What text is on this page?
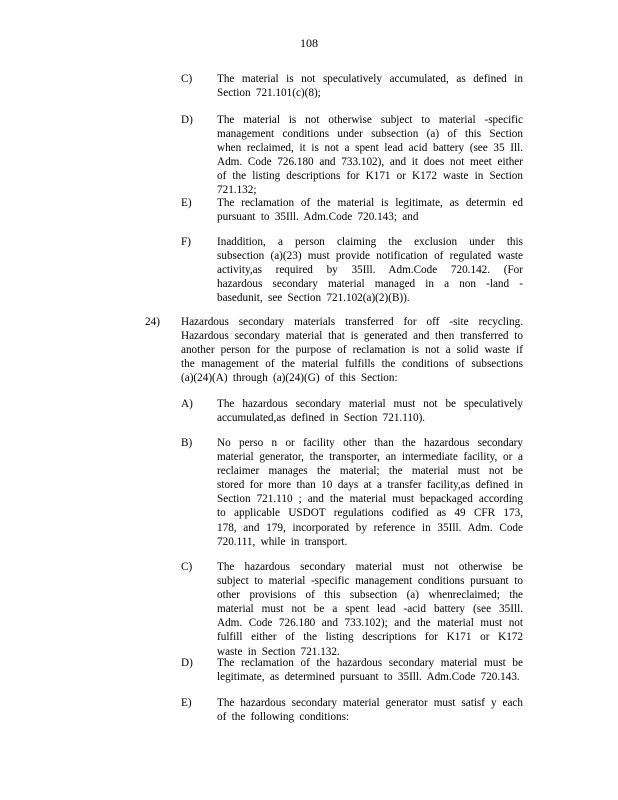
108
C) The material is not speculatively accumulated, as defined in Section 721.101(c)(8);
D) The material is not otherwise subject to material -specific management conditions under subsection (a) of this Section when reclaimed, it is not a spent lead acid battery (see 35 Ill. Adm. Code 726.180 and 733.102), and it does not meet either of the listing descriptions for K171 or K172 waste in Section 721.132;
E) The reclamation of the material is legitimate, as determin ed pursuant to 35Ill. Adm.Code 720.143; and
F) Inaddition, a person claiming the exclusion under this subsection (a)(23) must provide notification of regulated waste activity,as required by 35Ill. Adm.Code 720.142. (For hazardous secondary material managed in a non -land -basedunit, see Section 721.102(a)(2)(B)).
24) Hazardous secondary materials transferred for off -site recycling. Hazardous secondary material that is generated and then transferred to another person for the purpose of reclamation is not a solid waste if the management of the material fulfills the conditions of subsections (a)(24)(A) through (a)(24)(G) of this Section:
A) The hazardous secondary material must not be speculatively accumulated,as defined in Section 721.110).
B) No perso n or facility other than the hazardous secondary material generator, the transporter, an intermediate facility, or a reclaimer manages the material; the material must not be stored for more than 10 days at a transfer facility,as defined in Section 721.110 ; and the material must bepackaged according to applicable USDOT regulations codified as 49 CFR 173, 178, and 179, incorporated by reference in 35Ill. Adm. Code 720.111, while in transport.
C) The hazardous secondary material must not otherwise be subject to material -specific management conditions pursuant to other provisions of this subsection (a) whenreclaimed; the material must not be a spent lead -acid battery (see 35Ill. Adm. Code 726.180 and 733.102); and the material must not fulfill either of the listing descriptions for K171 or K172 waste in Section 721.132.
D) The reclamation of the hazardous secondary material must be legitimate, as determined pursuant to 35Ill. Adm.Code 720.143.
E) The hazardous secondary material generator must satisf y each of the following conditions:
